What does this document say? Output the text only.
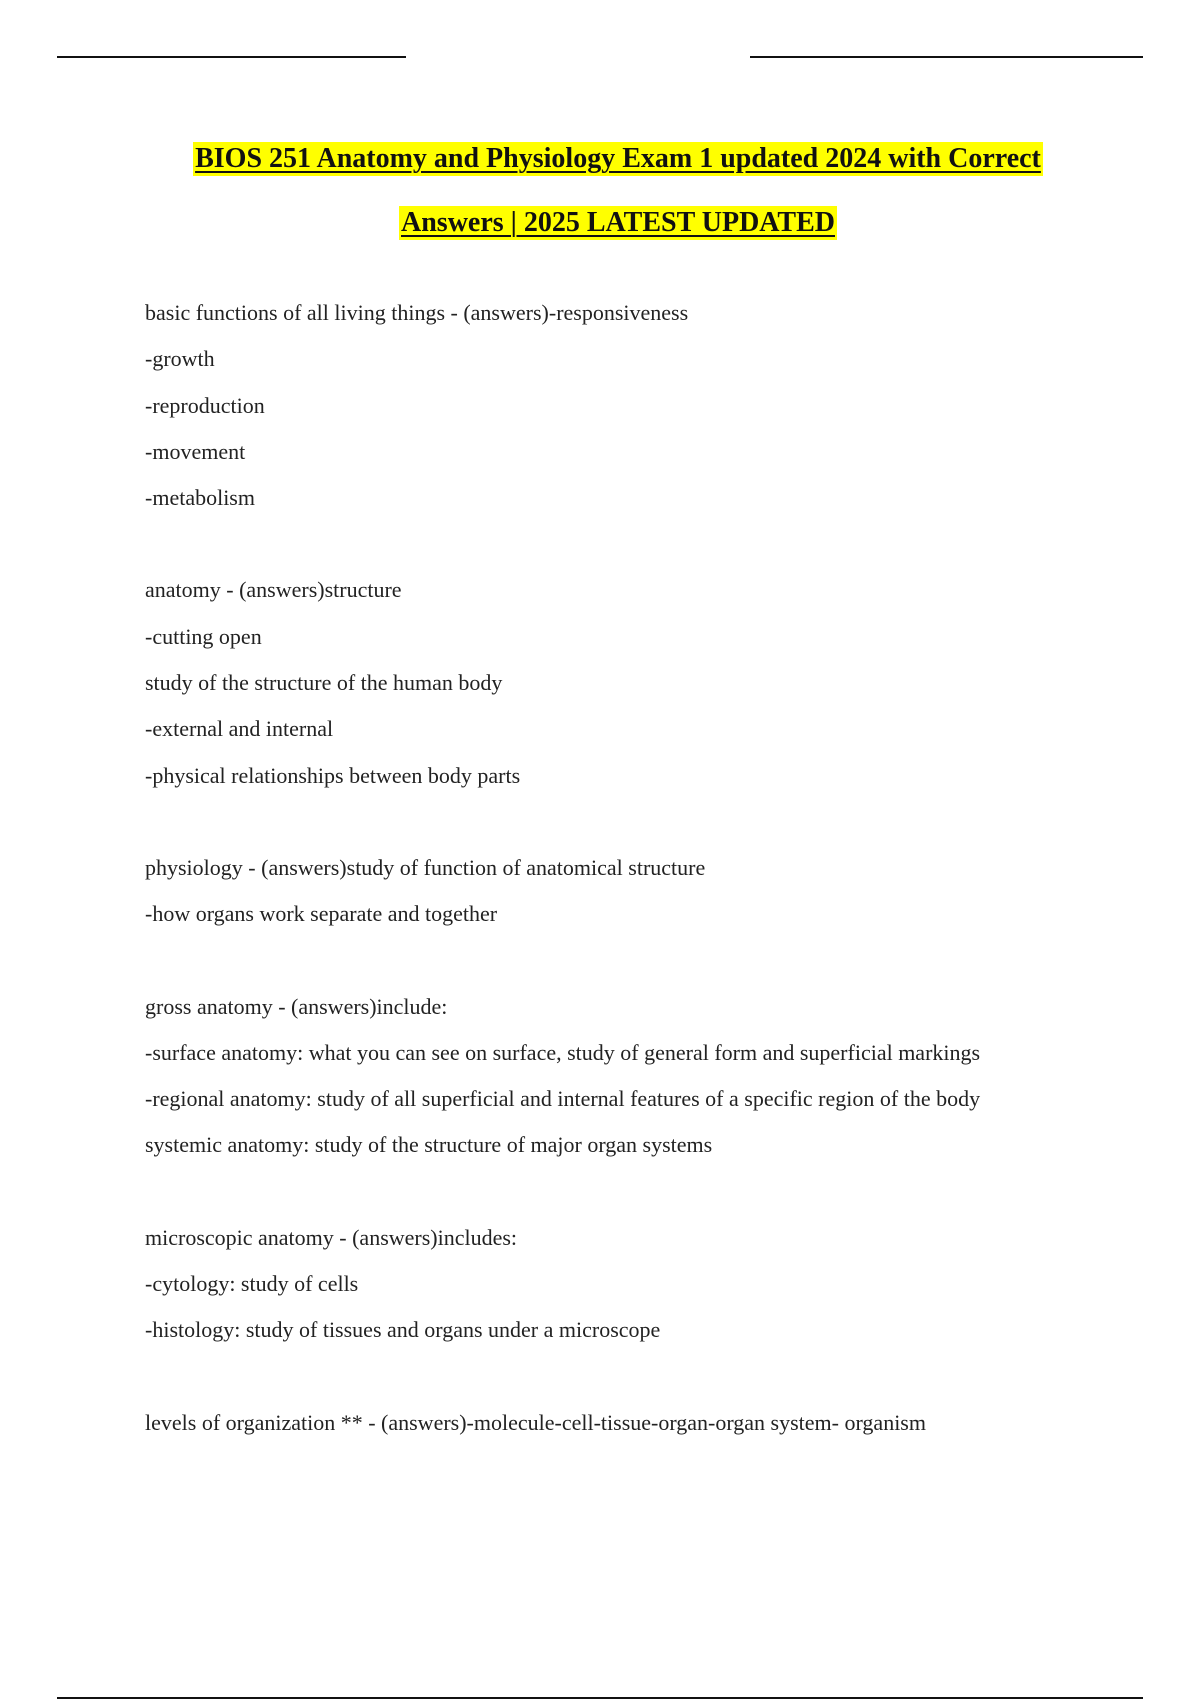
BIOS 251 Anatomy and Physiology Exam 1 updated 2024 with Correct
Answers | 2025 LATEST UPDATED
basic functions of all living things - (answers)-responsiveness
-growth
-reproduction
-movement
-metabolism
anatomy - (answers)structure
-cutting open
study of the structure of the human body
-external and internal
-physical relationships between body parts
physiology - (answers)study of function of anatomical structure
-how organs work separate and together
gross anatomy - (answers)include:
-surface anatomy: what you can see on surface, study of general form and superficial markings
-regional anatomy: study of all superficial and internal features of a specific region of the body
systemic anatomy: study of the structure of major organ systems
microscopic anatomy - (answers)includes:
-cytology: study of cells
-histology: study of tissues and organs under a microscope
levels of organization ** - (answers)-molecule-cell-tissue-organ-organ system- organism
